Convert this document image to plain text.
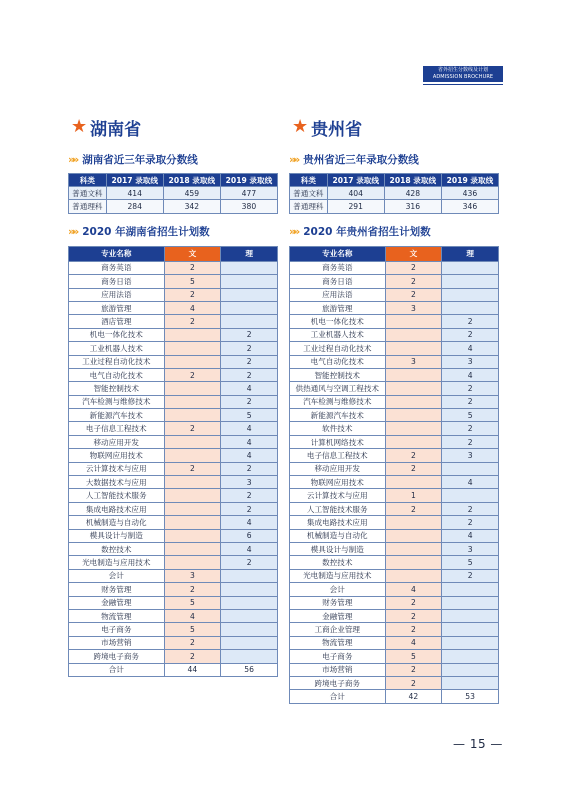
省外招生分数线及计划
ADMISSION BROCHURE
★ 湖南省
»» 湖南省近三年录取分数线
科类	2017 录取线	2018 录取线	2019 录取线
普通文科	414	459	477
普通理科	284	342	380
»» 2020 年湖南省招生计划数
专业名称	文	理
商务英语	2	
商务日语	5	
应用法语	2	
旅游管理	4	
酒店管理	2	
机电一体化技术		2
工业机器人技术		2
工业过程自动化技术		2
电气自动化技术	2	2
智能控制技术		4
汽车检测与维修技术		2
新能源汽车技术		5
电子信息工程技术	2	4
移动应用开发		4
物联网应用技术		4
云计算技术与应用	2	2
大数据技术与应用		3
人工智能技术服务		2
集成电路技术应用		2
机械制造与自动化		4
模具设计与制造		6
数控技术		4
光电制造与应用技术		2
会计	3	
财务管理	2	
金融管理	5	
物流管理	4	
电子商务	5	
市场营销	2	
跨境电子商务	2	
合计	44	56
★ 贵州省
»» 贵州省近三年录取分数线
科类	2017 录取线	2018 录取线	2019 录取线
普通文科	404	428	436
普通理科	291	316	346
»» 2020 年贵州省招生计划数
专业名称	文	理
商务英语	2	
商务日语	2	
应用法语	2	
旅游管理	3	
机电一体化技术		2
工业机器人技术		2
工业过程自动化技术		4
电气自动化技术	3	3
智能控制技术		4
供热通风与空调工程技术		2
汽车检测与维修技术		2
新能源汽车技术		5
软件技术		2
计算机网络技术		2
电子信息工程技术	2	3
移动应用开发	2	
物联网应用技术		4
云计算技术与应用	1	
人工智能技术服务	2	2
集成电路技术应用		2
机械制造与自动化		4
模具设计与制造		3
数控技术		5
光电制造与应用技术		2
会计	4	
财务管理	2	
金融管理	2	
工商企业管理	2	
物流管理	4	
电子商务	5	
市场营销	2	
跨境电子商务	2	
合计	42	53
— 15 —
